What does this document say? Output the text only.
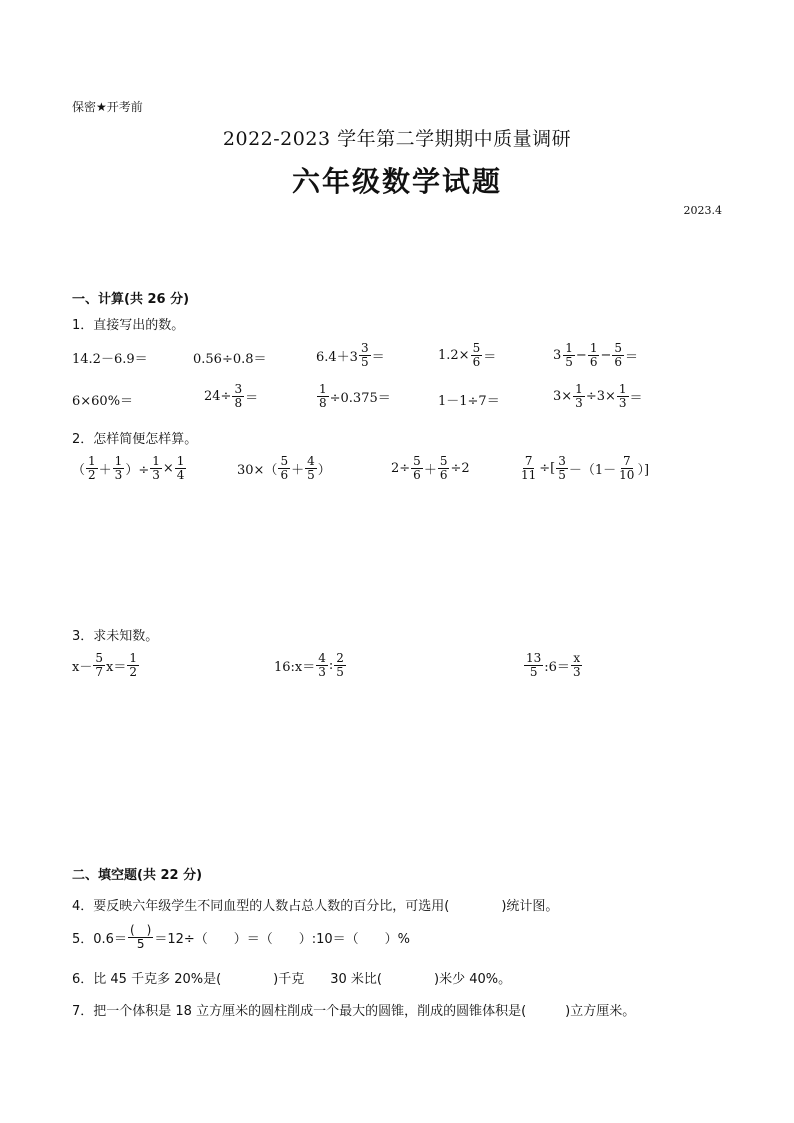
保密★开考前
2022-2023 学年第二学期期中质量调研
六年级数学试题
2023.4
一、计算(共 26 分)
1．直接写出的数。
14.2－6.9＝	0.56÷0.8＝	$6.4+3 \frac{3}{5}$ ＝	$1.2\times \frac{5}{6}$ ＝	$3 \frac{1}{5} - \frac{1}{6} - \frac{5}{6}$ ＝
6×60%＝	$24\div \frac{3}{8}$ ＝	$\frac{1}{8} \div 0.375=$	1－1÷7＝	$3\times \frac{1}{3} \div 3\times \frac{1}{3}$ ＝
2．怎样简便怎样算。
（ $\frac{1}{2} + \frac{1}{3}$ ）÷ $\frac{1}{3} \times \frac{1}{4}$	$30\times( \frac{5}{6} + \frac{4}{5}$ ）	$2\div \frac{5}{6} + \frac{5}{6} \div 2$	$\frac{7}{11}$ ÷[ $\frac{3}{5} -(1- \frac{7}{10}$ ）]
3．求未知数。
$x- \frac{5}{7} x= \frac{1}{2}$	16:x＝ $\frac{4}{3}$ : $\frac{2}{5}$	$\frac{13}{5}$ :6＝ $\frac{x}{3}$
二、填空题(共 22 分)
4．要反映六年级学生不同血型的人数占总人数的百分比，可选用(　　　　)统计图。
5．$0.6= \frac{( )}{5} =12\div$（　　）＝（　　）:10＝（　　）%
6．比 45 千克多 20%是(　　　　)千克　　30 米比(　　　　)米少 40%。
7．把一个体积是 18 立方厘米的圆柱削成一个最大的圆锥，削成的圆锥体积是(　　　)立方厘米。
